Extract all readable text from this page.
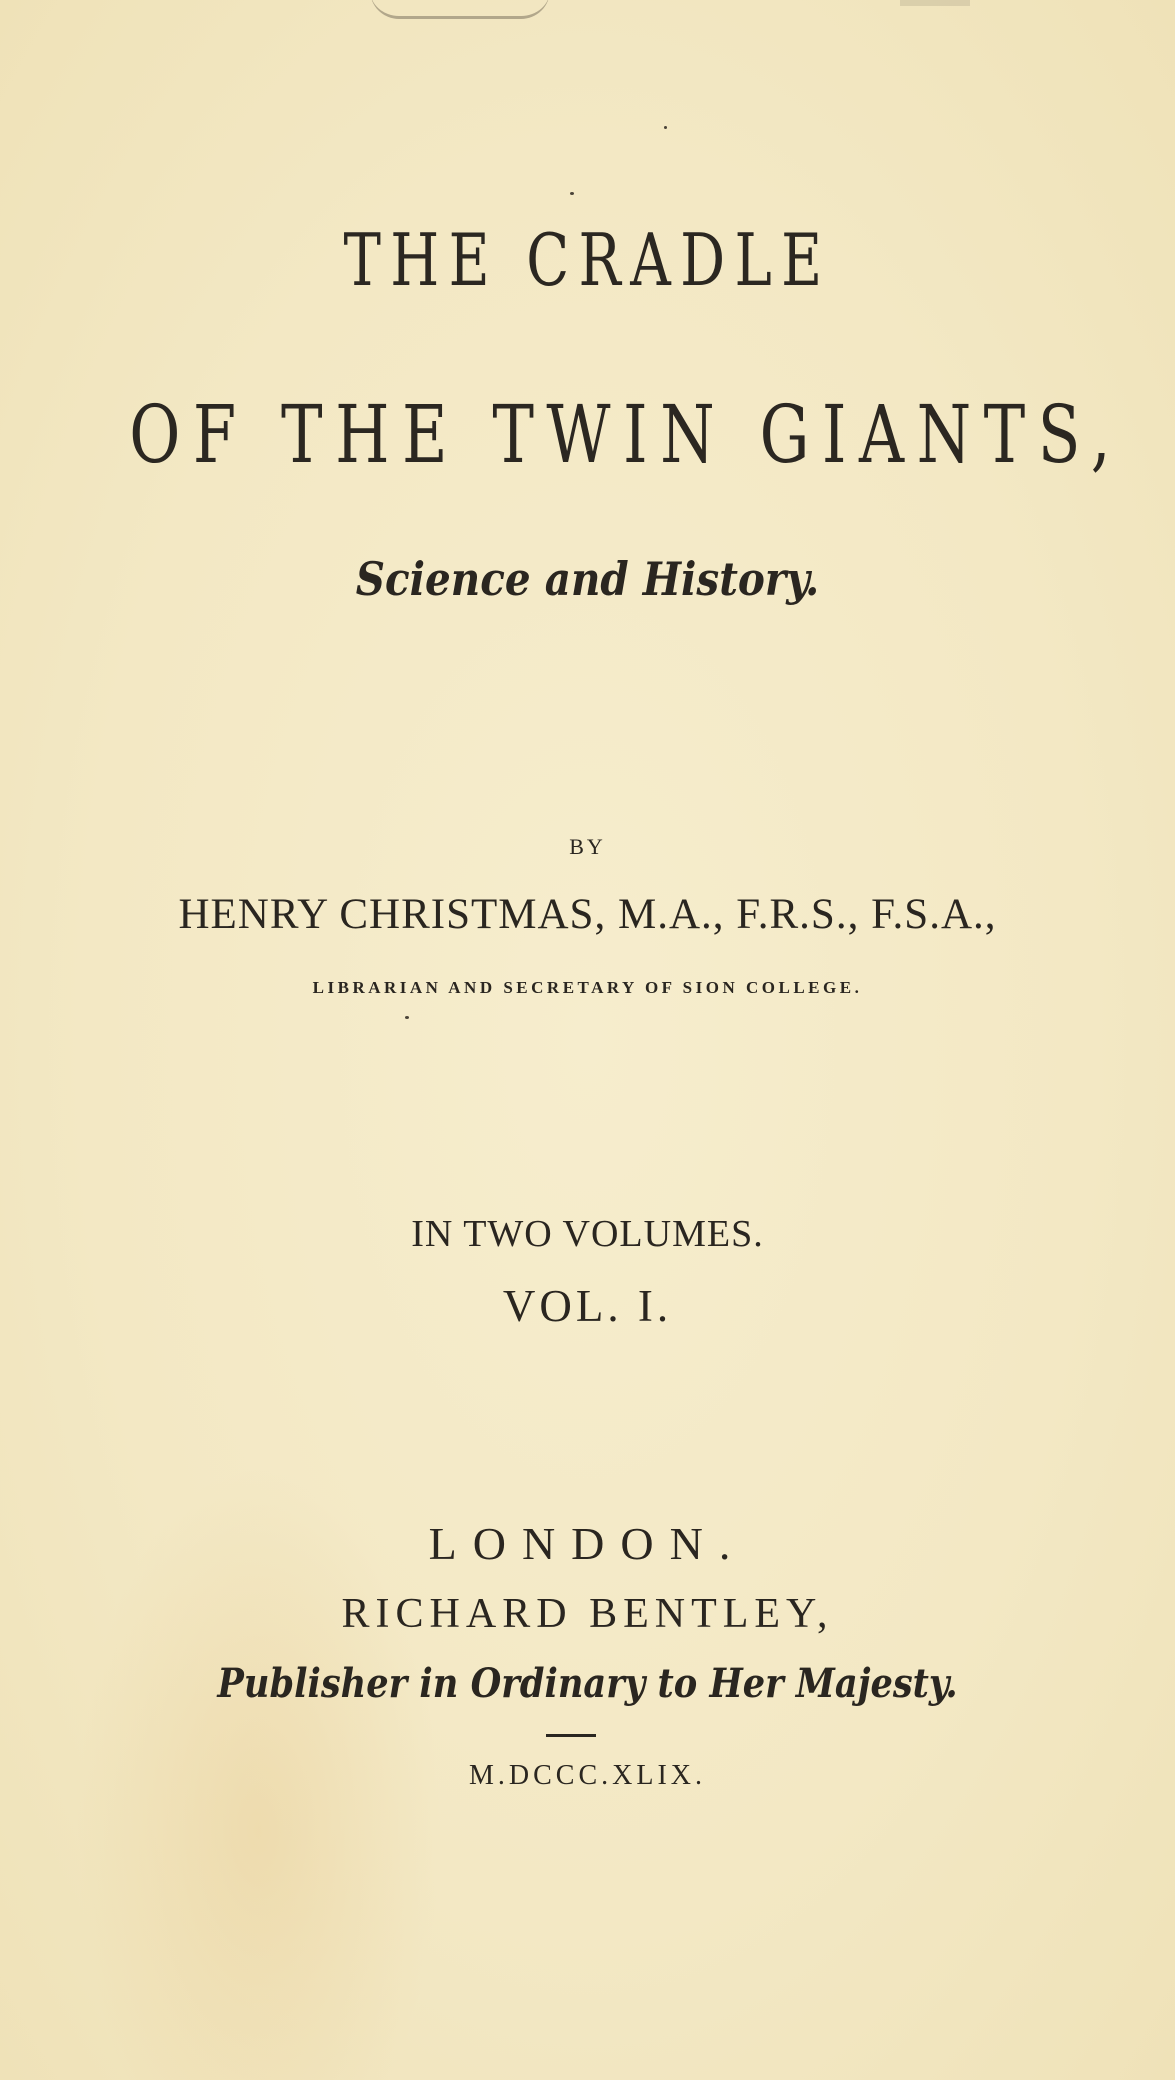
THE CRADLE
OF THE TWIN GIANTS,
Science and History.
BY
HENRY CHRISTMAS, M.A., F.R.S., F.S.A.,
LIBRARIAN AND SECRETARY OF SION COLLEGE.
IN TWO VOLUMES.
VOL. I.
LONDON.
RICHARD BENTLEY,
Publisher in Ordinary to Her Majesty.
M.DCCC.XLIX.
